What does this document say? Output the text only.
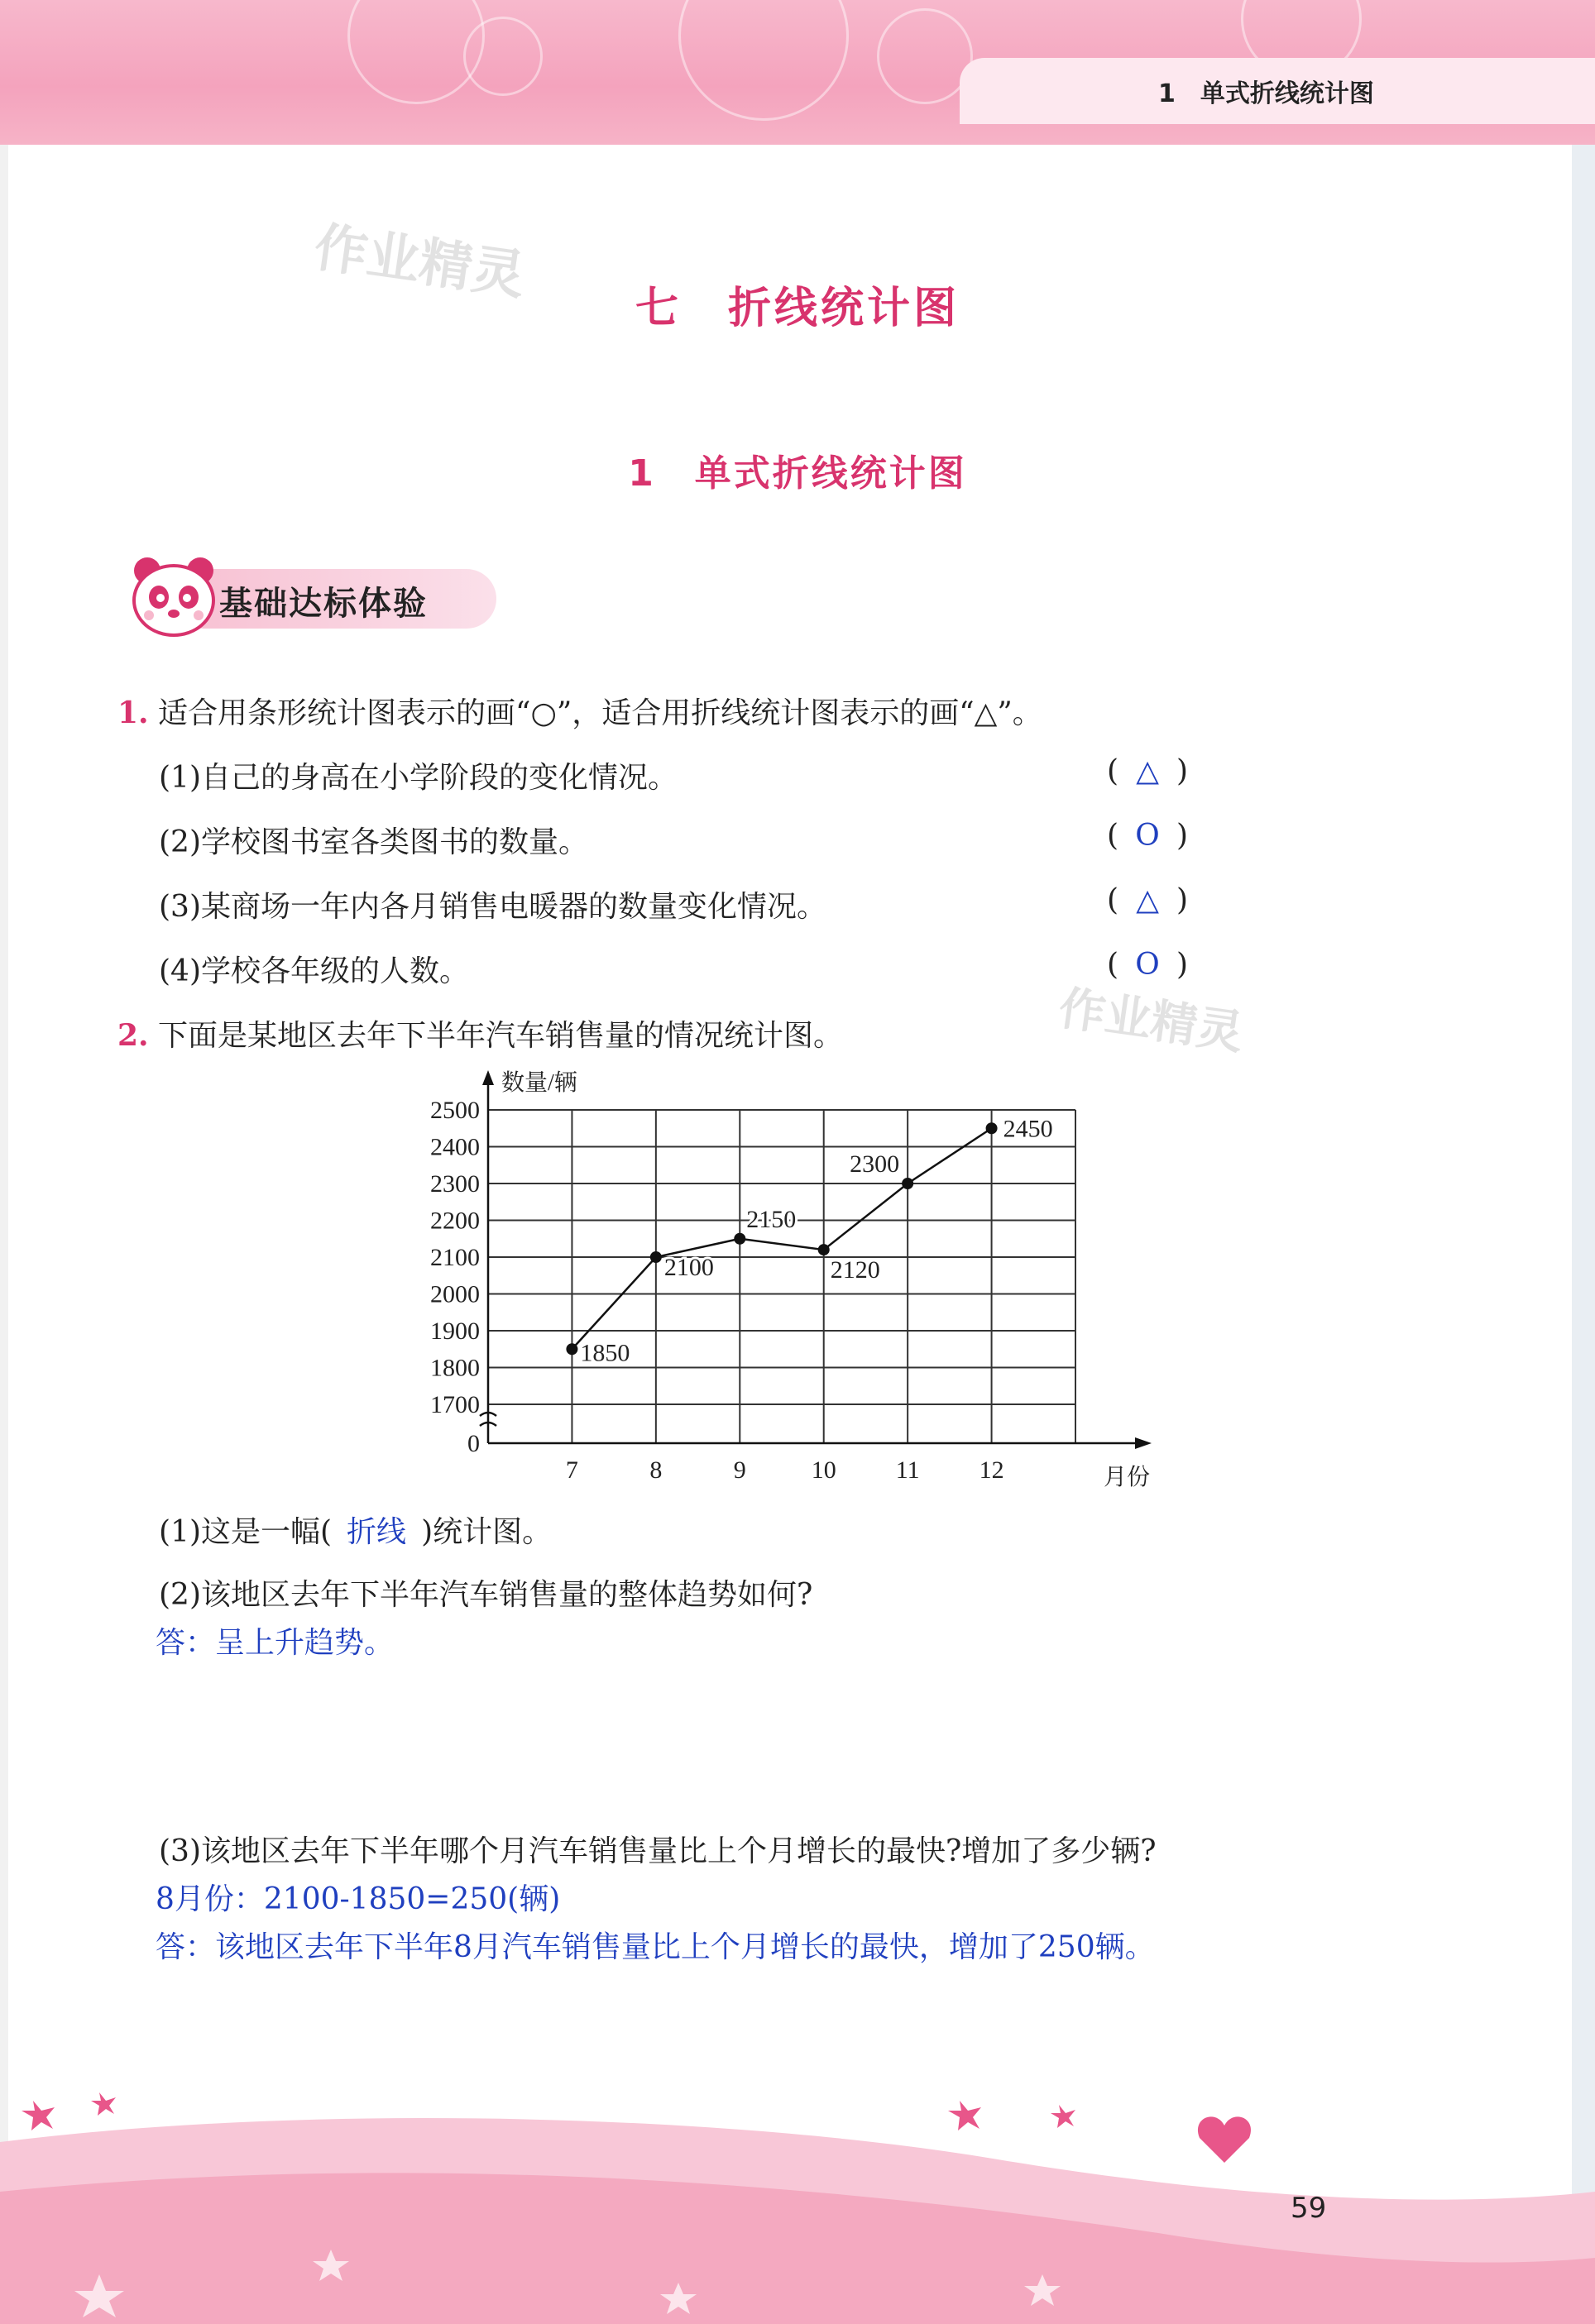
1　单式折线统计图
作业精灵
作业精灵
七　折线统计图
1　单式折线统计图
基础达标体验
1. 适合用条形统计图表示的画“○”，适合用折线统计图表示的画“△”。
(1)自己的身高在小学阶段的变化情况。	( △ )
(2)学校图书室各类图书的数量。	( O )
(3)某商场一年内各月销售电暖器的数量变化情况。	( △ )
(4)学校各年级的人数。	( O )
2. 下面是某地区去年下半年汽车销售量的情况统计图。
0
1700
1800
1900
2000
2100
2200
2300
2400
2500
7	8	9	10 11 12
1850
2100
2150
2120
2300
2450
数量/辆
月份
(1)这是一幅( 折线 )统计图。
(2)该地区去年下半年汽车销售量的整体趋势如何?
答：呈上升趋势。
(3)该地区去年下半年哪个月汽车销售量比上个月增长的最快?增加了多少辆?
8月份：2100-1850=250(辆)
答：该地区去年下半年8月汽车销售量比上个月增长的最快，增加了250辆。
59
